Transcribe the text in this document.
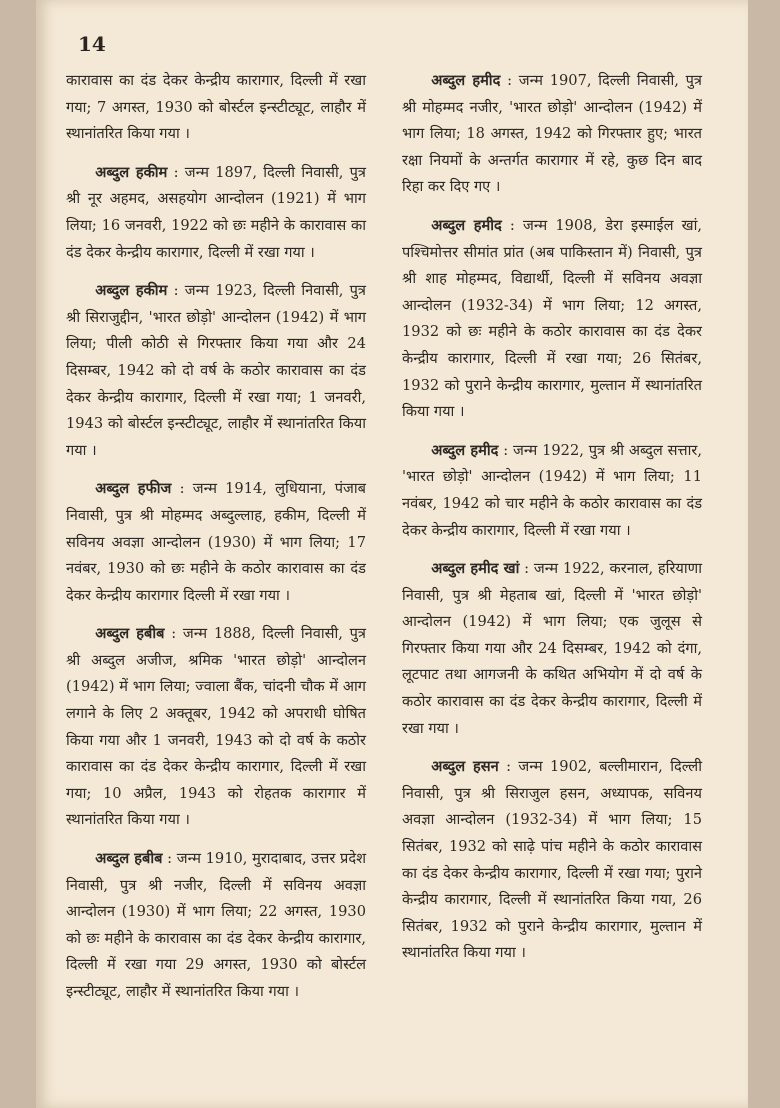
14

कारावास का दंड देकर केन्द्रीय कारागार, दिल्ली में रखा गया; 7 अगस्त, 1930 को बोर्स्टल इन्स्टीट्यूट, लाहौर में स्थानांतरित किया गया ।

अब्दुल हकीम : जन्म 1897, दिल्ली निवासी, पुत्र श्री नूर अहमद, असहयोग आन्दोलन (1921) में भाग लिया; 16 जनवरी, 1922 को छः महीने के कारावास का दंड देकर केन्द्रीय कारागार, दिल्ली में रखा गया ।

अब्दुल हकीम : जन्म 1923, दिल्ली निवासी, पुत्र श्री सिराजुद्दीन, 'भारत छोड़ो' आन्दोलन (1942) में भाग लिया; पीली कोठी से गिरफ्तार किया गया और 24 दिसम्बर, 1942 को दो वर्ष के कठोर कारावास का दंड देकर केन्द्रीय कारागार, दिल्ली में रखा गया; 1 जनवरी, 1943 को बोर्स्टल इन्स्टीट्यूट, लाहौर में स्थानांतरित किया गया ।

अब्दुल हफीज : जन्म 1914, लुधियाना, पंजाब निवासी, पुत्र श्री मोहम्मद अब्दुल्लाह, हकीम, दिल्ली में सविनय अवज्ञा आन्दोलन (1930) में भाग लिया; 17 नवंबर, 1930 को छः महीने के कठोर कारावास का दंड देकर केन्द्रीय कारागार दिल्ली में रखा गया ।

अब्दुल हबीब : जन्म 1888, दिल्ली निवासी, पुत्र श्री अब्दुल अजीज, श्रमिक 'भारत छोड़ो' आन्दोलन (1942) में भाग लिया; ज्वाला बैंक, चांदनी चौक में आग लगाने के लिए 2 अक्तूबर, 1942 को अपराधी घोषित किया गया और 1 जनवरी, 1943 को दो वर्ष के कठोर कारावास का दंड देकर केन्द्रीय कारागार, दिल्ली में रखा गया; 10 अप्रैल, 1943 को रोहतक कारागार में स्थानांतरित किया गया ।

अब्दुल हबीब : जन्म 1910, मुरादाबाद, उत्तर प्रदेश निवासी, पुत्र श्री नजीर, दिल्ली में सविनय अवज्ञा आन्दोलन (1930) में भाग लिया; 22 अगस्त, 1930 को छः महीने के कारावास का दंड देकर केन्द्रीय कारागार, दिल्ली में रखा गया 29 अगस्त, 1930 को बोर्स्टल इन्स्टीट्यूट, लाहौर में स्थानांतरित किया गया ।

अब्दुल हमीद : जन्म 1907, दिल्ली निवासी, पुत्र श्री मोहम्मद नजीर, 'भारत छोड़ो' आन्दोलन (1942) में भाग लिया; 18 अगस्त, 1942 को गिरफ्तार हुए; भारत रक्षा नियमों के अन्तर्गत कारागार में रहे, कुछ दिन बाद रिहा कर दिए गए ।

अब्दुल हमीद : जन्म 1908, डेरा इस्माईल खां, पश्चिमोत्तर सीमांत प्रांत (अब पाकिस्तान में) निवासी, पुत्र श्री शाह मोहम्मद, विद्यार्थी, दिल्ली में सविनय अवज्ञा आन्दोलन (1932-34) में भाग लिया; 12 अगस्त, 1932 को छः महीने के कठोर कारावास का दंड देकर केन्द्रीय कारागार, दिल्ली में रखा गया; 26 सितंबर, 1932 को पुराने केन्द्रीय कारागार, मुल्तान में स्थानांतरित किया गया ।

अब्दुल हमीद : जन्म 1922, पुत्र श्री अब्दुल सत्तार, 'भारत छोड़ो' आन्दोलन (1942) में भाग लिया; 11 नवंबर, 1942 को चार महीने के कठोर कारावास का दंड देकर केन्द्रीय कारागार, दिल्ली में रखा गया ।

अब्दुल हमीद खां : जन्म 1922, करनाल, हरियाणा निवासी, पुत्र श्री मेहताब खां, दिल्ली में 'भारत छोड़ो' आन्दोलन (1942) में भाग लिया; एक जुलूस से गिरफ्तार किया गया और 24 दिसम्बर, 1942 को दंगा, लूटपाट तथा आगजनी के कथित अभियोग में दो वर्ष के कठोर कारावास का दंड देकर केन्द्रीय कारागार, दिल्ली में रखा गया ।

अब्दुल हसन : जन्म 1902, बल्लीमारान, दिल्ली निवासी, पुत्र श्री सिराजुल हसन, अध्यापक, सविनय अवज्ञा आन्दोलन (1932-34) में भाग लिया; 15 सितंबर, 1932 को साढ़े पांच महीने के कठोर कारावास का दंड देकर केन्द्रीय कारागार, दिल्ली में रखा गया; पुराने केन्द्रीय कारागार, दिल्ली में स्थानांतरित किया गया, 26 सितंबर, 1932 को पुराने केन्द्रीय कारागार, मुल्तान में स्थानांतरित किया गया ।
